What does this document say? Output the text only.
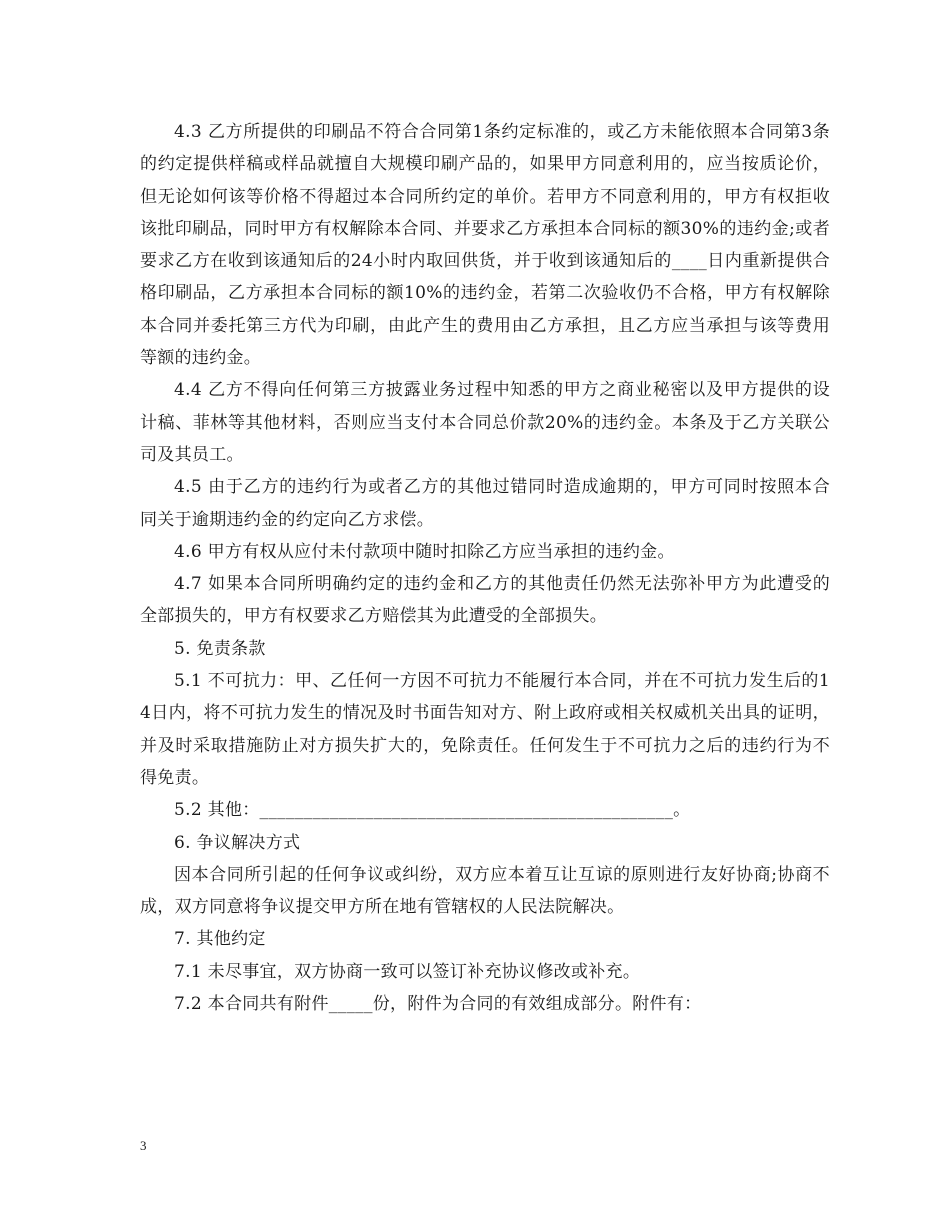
4.3 乙方所提供的印刷品不符合合同第1条约定标准的，或乙方未能依照本合同第3条的约定提供样稿或样品就擅自大规模印刷产品的，如果甲方同意利用的，应当按质论价，但无论如何该等价格不得超过本合同所约定的单价。若甲方不同意利用的，甲方有权拒收该批印刷品，同时甲方有权解除本合同、并要求乙方承担本合同标的额30%的违约金;或者要求乙方在收到该通知后的24小时内取回供货，并于收到该通知后的____日内重新提供合格印刷品，乙方承担本合同标的额10%的违约金，若第二次验收仍不合格，甲方有权解除本合同并委托第三方代为印刷，由此产生的费用由乙方承担，且乙方应当承担与该等费用等额的违约金。

4.4 乙方不得向任何第三方披露业务过程中知悉的甲方之商业秘密以及甲方提供的设计稿、菲林等其他材料，否则应当支付本合同总价款20%的违约金。本条及于乙方关联公司及其员工。

4.5 由于乙方的违约行为或者乙方的其他过错同时造成逾期的，甲方可同时按照本合同关于逾期违约金的约定向乙方求偿。

4.6 甲方有权从应付未付款项中随时扣除乙方应当承担的违约金。

4.7 如果本合同所明确约定的违约金和乙方的其他责任仍然无法弥补甲方为此遭受的全部损失的，甲方有权要求乙方赔偿其为此遭受的全部损失。

5. 免责条款

5.1 不可抗力：甲、乙任何一方因不可抗力不能履行本合同，并在不可抗力发生后的14日内，将不可抗力发生的情况及时书面告知对方、附上政府或相关权威机关出具的证明，并及时采取措施防止对方损失扩大的，免除责任。任何发生于不可抗力之后的违约行为不得免责。

5.2 其他：_______________________________________________。

6. 争议解决方式

因本合同所引起的任何争议或纠纷，双方应本着互让互谅的原则进行友好协商;协商不成，双方同意将争议提交甲方所在地有管辖权的人民法院解决。

7. 其他约定

7.1 未尽事宜，双方协商一致可以签订补充协议修改或补充。

7.2 本合同共有附件_____份，附件为合同的有效组成部分。附件有：

3
